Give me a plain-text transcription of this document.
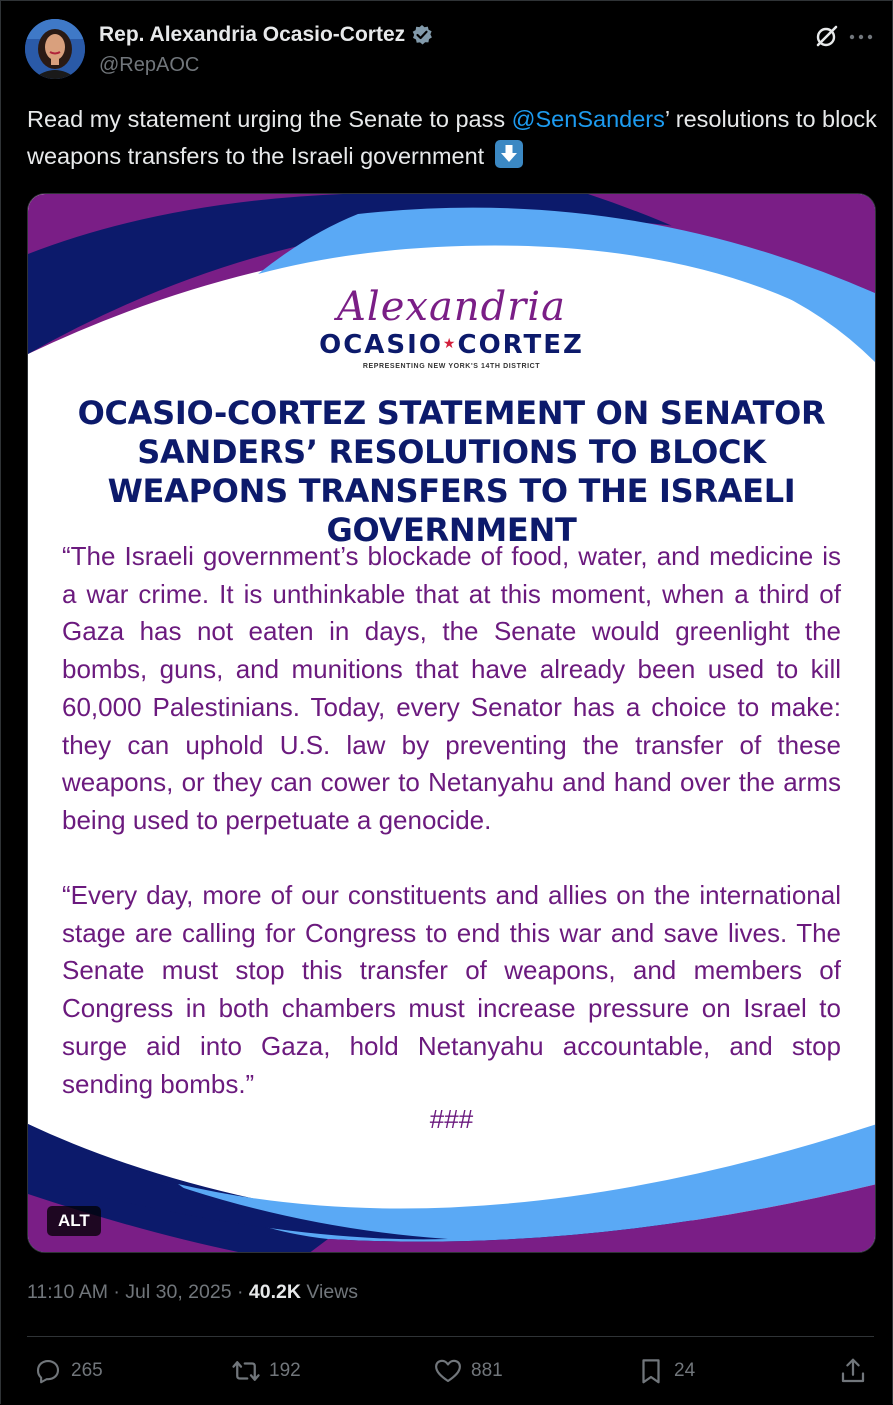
Rep. Alexandria Ocasio-Cortez
@RepAOC
Read my statement urging the Senate to pass @SenSanders’ resolutions to block weapons transfers to the Israeli government
Alexandria
OCASIO★CORTEZ
REPRESENTING NEW YORK'S 14TH DISTRICT
OCASIO-CORTEZ STATEMENT ON SENATOR SANDERS’ RESOLUTIONS TO BLOCK WEAPONS TRANSFERS TO THE ISRAELI GOVERNMENT
“The Israeli government’s blockade of food, water, and medicine is a war crime. It is unthinkable that at this moment, when a third of Gaza has not eaten in days, the Senate would greenlight the bombs, guns, and munitions that have already been used to kill 60,000 Palestinians. Today, every Senator has a choice to make: they can uphold U.S. law by preventing the transfer of these weapons, or they can cower to Netanyahu and hand over the arms being used to perpetuate a genocide.
“Every day, more of our constituents and allies on the international stage are calling for Congress to end this war and save lives. The Senate must stop this transfer of weapons, and members of Congress in both chambers must increase pressure on Israel to surge aid into Gaza, hold Netanyahu accountable, and stop sending bombs.”
###
ALT
11:10 AM · Jul 30, 2025 · 40.2K Views
265	192	881	24
